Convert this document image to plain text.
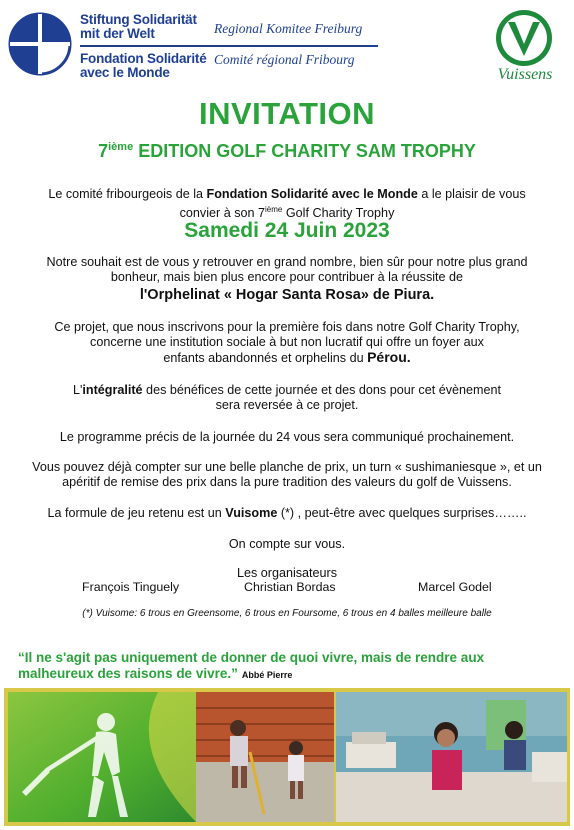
Stiftung Solidarität
mit der Welt
Fondation Solidarité
avec le Monde
Regional Komitee Freiburg
Comité régional Fribourg
Vuissens
INVITATION
7ième EDITION GOLF CHARITY SAM TROPHY
Le comité fribourgeois de la Fondation Solidarité avec le Monde a le plaisir de vous
convier à son 7ième Golf Charity Trophy
Samedi 24 Juin 2023
Notre souhait est de vous y retrouver en grand nombre, bien sûr pour notre plus grand
bonheur, mais bien plus encore pour contribuer à la réussite de
l'Orphelinat « Hogar Santa Rosa» de Piura.
Ce projet, que nous inscrivons pour la première fois dans notre Golf Charity Trophy,
concerne une institution sociale à but non lucratif qui offre un foyer aux
enfants abandonnés et orphelins du Pérou.
L'intégralité des bénéfices de cette journée et des dons pour cet évènement
sera reversée à ce projet.
Le programme précis de la journée du 24 vous sera communiqué prochainement.
Vous pouvez déjà compter sur une belle planche de prix, un turn « sushimaniesque », et un
apéritif de remise des prix dans la pure tradition des valeurs du golf de Vuissens.
La formule de jeu retenu est un Vuisome (*) , peut-être avec quelques surprises……..
On compte sur vous.
Les organisateurs
François Tinguely	Christian Bordas	Marcel Godel
(*) Vuisome: 6 trous en Greensome, 6 trous en Foursome, 6 trous en 4 balles meilleure balle
“Il ne s'agit pas uniquement de donner de quoi vivre, mais de rendre aux malheureux des raisons de vivre.” Abbé Pierre
